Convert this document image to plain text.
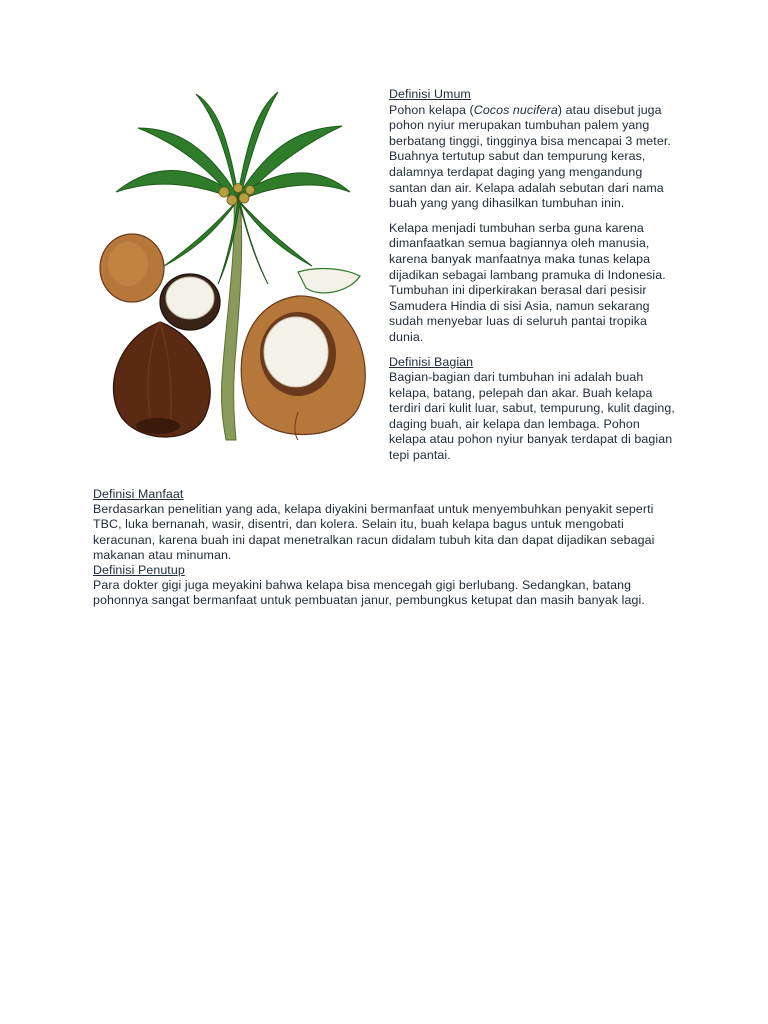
Definisi Umum
Pohon kelapa (Cocos nucifera) atau disebut juga pohon nyiur merupakan tumbuhan palem yang berbatang tinggi, tingginya bisa mencapai 3 meter. Buahnya tertutup sabut dan tempurung keras, dalamnya terdapat daging yang mengandung santan dan air. Kelapa adalah sebutan dari nama buah yang yang dihasilkan tumbuhan inin.

Kelapa menjadi tumbuhan serba guna karena dimanfaatkan semua bagiannya oleh manusia, karena banyak manfaatnya maka tunas kelapa dijadikan sebagai lambang pramuka di Indonesia. Tumbuhan ini diperkirakan berasal dari pesisir Samudera Hindia di sisi Asia, namun sekarang sudah menyebar luas di seluruh pantai tropika dunia.

Definisi Bagian
Bagian-bagian dari tumbuhan ini adalah buah kelapa, batang, pelepah dan akar. Buah kelapa terdiri dari kulit luar, sabut, tempurung, kulit daging, daging buah, air kelapa dan lembaga. Pohon kelapa atau pohon nyiur banyak terdapat di bagian tepi pantai.

Definisi Manfaat
Berdasarkan penelitian yang ada, kelapa diyakini bermanfaat untuk menyembuhkan penyakit seperti TBC, luka bernanah, wasir, disentri, dan kolera. Selain itu, buah kelapa bagus untuk mengobati keracunan, karena buah ini dapat menetralkan racun didalam tubuh kita dan dapat dijadikan sebagai makanan atau minuman.

Definisi Penutup
Para dokter gigi juga meyakini bahwa kelapa bisa mencegah gigi berlubang. Sedangkan, batang pohonnya sangat bermanfaat untuk pembuatan janur, pembungkus ketupat dan masih banyak lagi.
